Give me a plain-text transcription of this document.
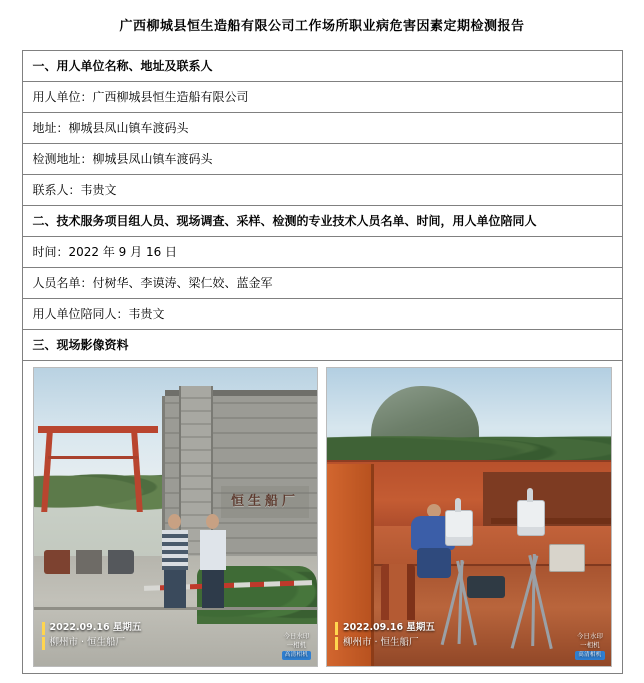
广西柳城县恒生造船有限公司工作场所职业病危害因素定期检测报告
一、用人单位名称、地址及联系人
用人单位：广西柳城县恒生造船有限公司
地址：柳城县凤山镇车渡码头
检测地址：柳城县凤山镇车渡码头
联系人：韦贵文
二、技术服务项目组人员、现场调查、采样、检测的专业技术人员名单、时间，用人单位陪同人
时间：2022 年 9 月 16 日
人员名单：付树华、李谟涛、梁仁姣、蓝金军
用人单位陪同人：韦贵文
三、现场影像资料

恒生船厂
2022.09.16 星期五
柳州市 · 恒生船厂
今日水印
一相机
高清相机
2022.09.16 星期五
柳州市 · 恒生船厂
今日水印
一相机
高清相机
